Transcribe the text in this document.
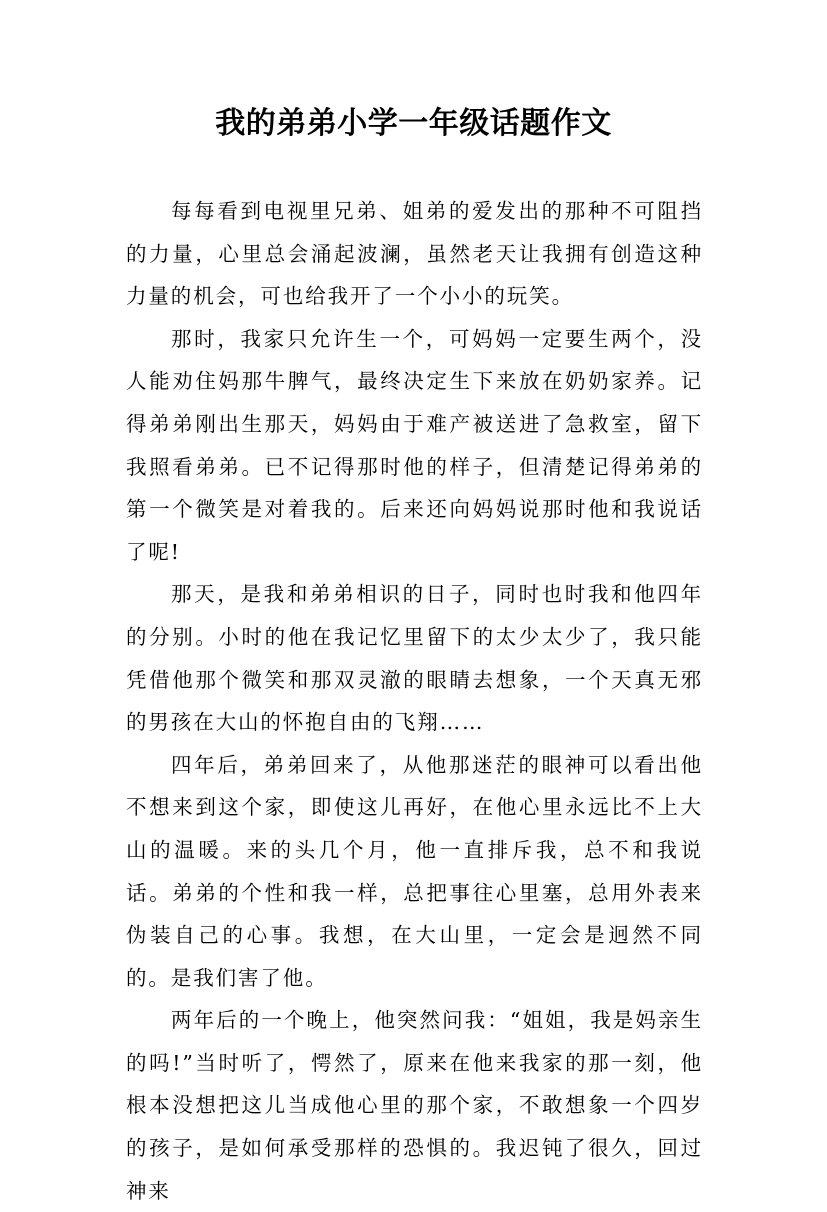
我的弟弟小学一年级话题作文

每每看到电视里兄弟、姐弟的爱发出的那种不可阻挡的力量，心里总会涌起波澜，虽然老天让我拥有创造这种力量的机会，可也给我开了一个小小的玩笑。

那时，我家只允许生一个，可妈妈一定要生两个，没人能劝住妈那牛脾气，最终决定生下来放在奶奶家养。记得弟弟刚出生那天，妈妈由于难产被送进了急救室，留下我照看弟弟。已不记得那时他的样子，但清楚记得弟弟的第一个微笑是对着我的。后来还向妈妈说那时他和我说话了呢!

那天，是我和弟弟相识的日子，同时也时我和他四年的分别。小时的他在我记忆里留下的太少太少了，我只能凭借他那个微笑和那双灵澈的眼睛去想象，一个天真无邪的男孩在大山的怀抱自由的飞翔……

四年后，弟弟回来了，从他那迷茫的眼神可以看出他不想来到这个家，即使这儿再好，在他心里永远比不上大山的温暖。来的头几个月，他一直排斥我，总不和我说话。弟弟的个性和我一样，总把事往心里塞，总用外表来伪装自己的心事。我想，在大山里，一定会是迥然不同的。是我们害了他。

两年后的一个晚上，他突然问我：“姐姐，我是妈亲生的吗!”当时听了，愕然了，原来在他来我家的那一刻，他根本没想把这儿当成他心里的那个家，不敢想象一个四岁的孩子，是如何承受那样的恐惧的。我迟钝了很久，回过神来
